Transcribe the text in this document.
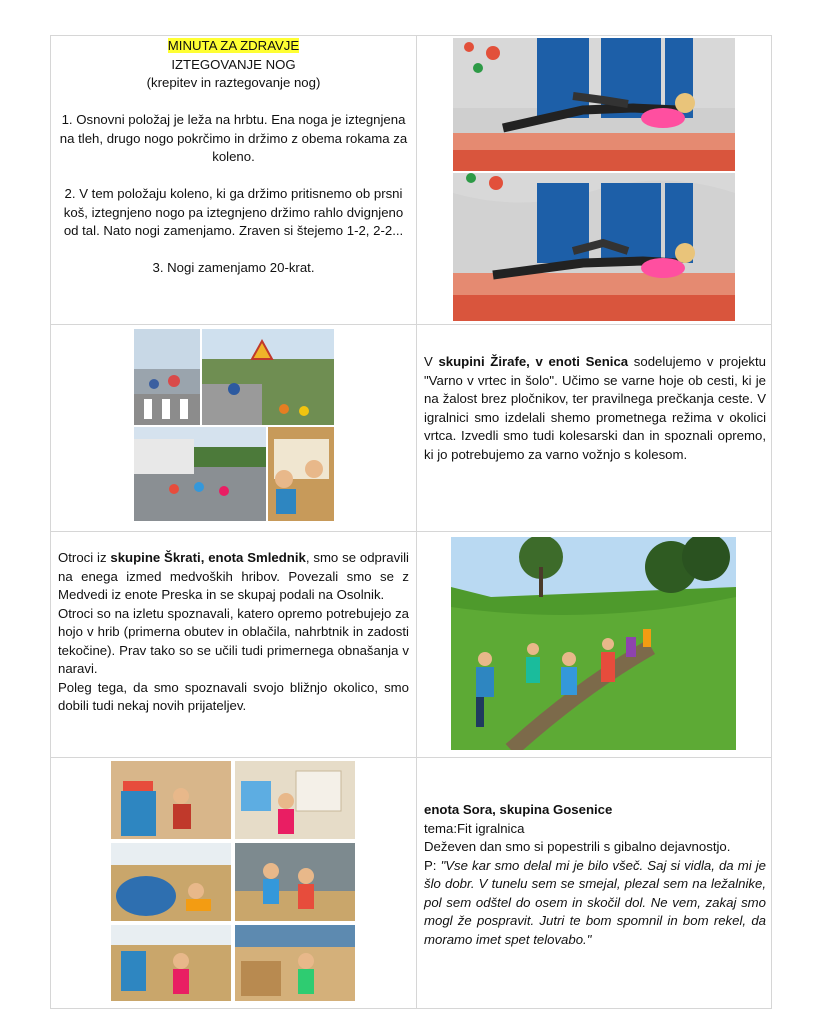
MINUTA ZA ZDRAVJE

IZTEGOVANJE NOG

(krepitev in raztegovanje nog)

1. Osnovni položaj je leža na hrbtu. Ena noga je iztegnjena na tleh, drugo nogo pokrčimo in držimo z obema rokama za koleno.

2. V tem položaju koleno, ki ga držimo pritisnemo ob prsni koš, iztegnjeno nogo pa iztegnjeno držimo rahlo dvignjeno od tal. Nato nogi zamenjamo. Zraven si štejemo 1-2, 2-2...

3. Nogi zamenjamo 20-krat.

V skupini Žirafe, v enoti Senica sodelujemo v projektu "Varno v vrtec in šolo". Učimo se varne hoje ob cesti, ki je na žalost brez pločnikov, ter pravilnega prečkanja ceste. V igralnici smo izdelali shemo prometnega režima v okolici vrtca. Izvedli smo tudi kolesarski dan in spoznali opremo, ki jo potrebujemo za varno vožnjo s kolesom.

Otroci iz skupine Škrati, enota Smlednik, smo se odpravili na enega izmed medvoških hribov. Povezali smo se z Medvedi iz enote Preska in se skupaj podali na Osolnik.

Otroci so na izletu spoznavali, katero opremo potrebujejo za hojo v hrib (primerna obutev in oblačila, nahrbtnik in zadosti tekočine). Prav tako so se učili tudi primernega obnašanja v naravi.

Poleg tega, da smo spoznavali svojo bližnjo okolico, smo dobili tudi nekaj novih prijateljev.

enota Sora, skupina Gosenice

tema:Fit igralnica

Deževen dan smo si popestrili s gibalno dejavnostjo.

P: "Vse kar smo delal mi je bilo všeč. Saj si vidla, da mi je šlo dobr. V tunelu sem se smejal, plezal sem na ležalnike, pol sem odštel do osem in skočil dol. Ne vem, zakaj smo mogl že pospravit. Jutri te bom spomnil in bom rekel, da moramo imet spet telovabo."
